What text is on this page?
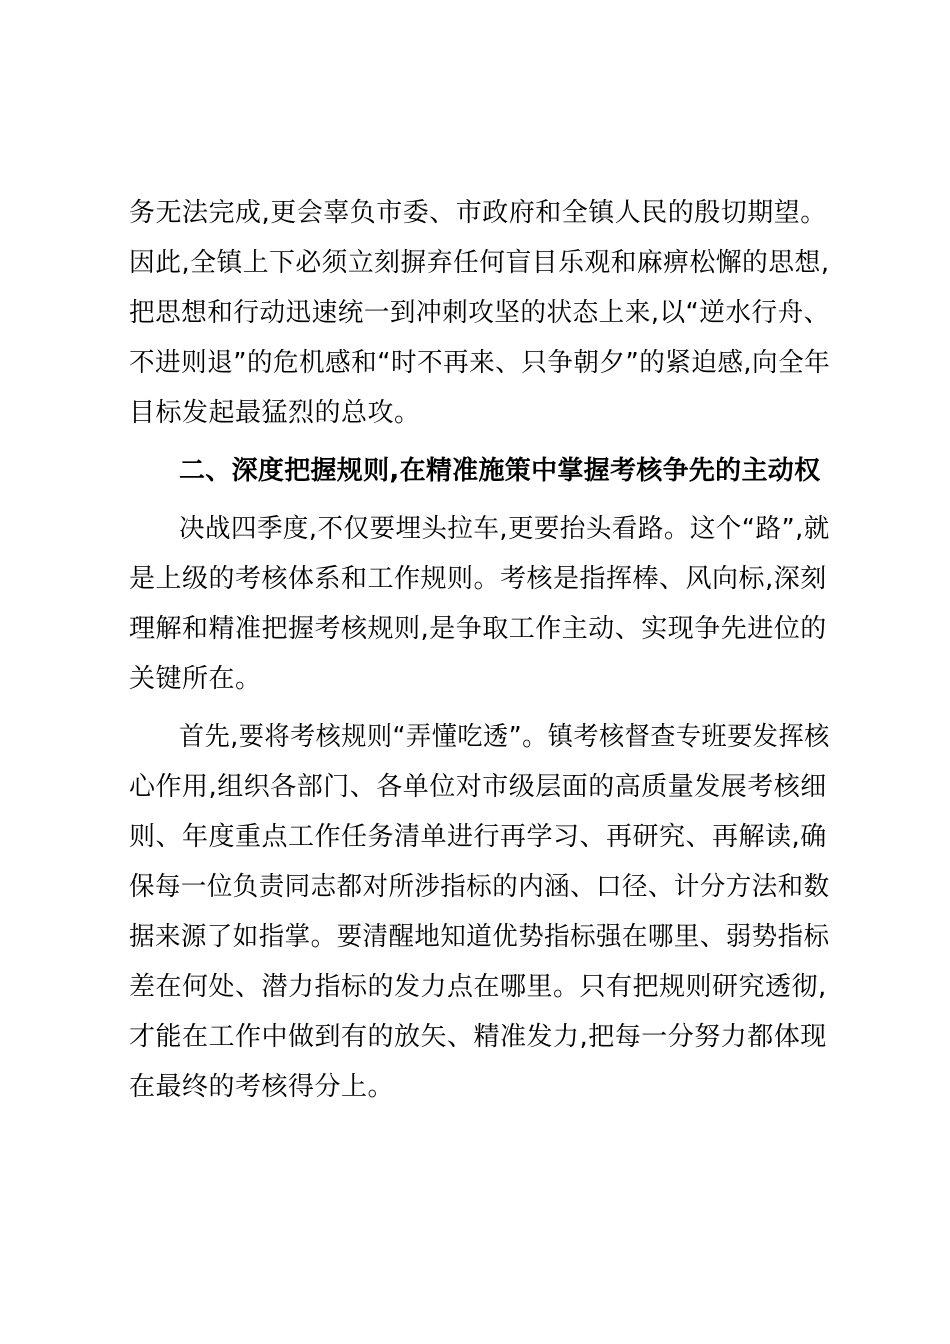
务无法完成,更会辜负市委、市政府和全镇人民的殷切期望。
因此,全镇上下必须立刻摒弃任何盲目乐观和麻痹松懈的思想,
把思想和行动迅速统一到冲刺攻坚的状态上来,以“逆水行舟、
不进则退”的危机感和“时不再来、只争朝夕”的紧迫感,向全年
目标发起最猛烈的总攻。
二、深度把握规则,在精准施策中掌握考核争先的主动权
决战四季度,不仅要埋头拉车,更要抬头看路。这个“路”,就
是上级的考核体系和工作规则。考核是指挥棒、风向标,深刻
理解和精准把握考核规则,是争取工作主动、实现争先进位的
关键所在。
首先,要将考核规则“弄懂吃透”。镇考核督查专班要发挥核
心作用,组织各部门、各单位对市级层面的高质量发展考核细
则、年度重点工作任务清单进行再学习、再研究、再解读,确
保每一位负责同志都对所涉指标的内涵、口径、计分方法和数
据来源了如指掌。要清醒地知道优势指标强在哪里、弱势指标
差在何处、潜力指标的发力点在哪里。只有把规则研究透彻,
才能在工作中做到有的放矢、精准发力,把每一分努力都体现
在最终的考核得分上。
